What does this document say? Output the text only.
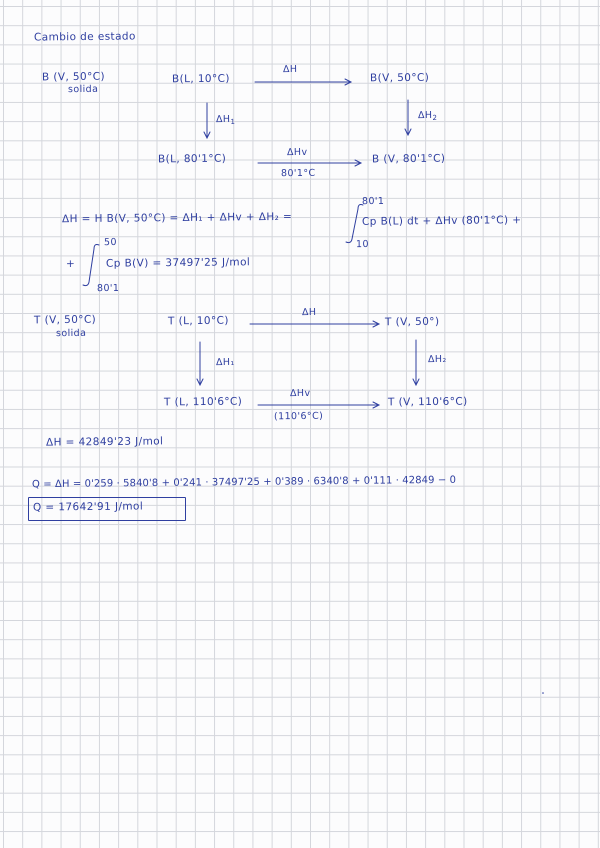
Cambio de estado
B (V, 50°C)
solida
B(L, 10°C)
ΔH
B(V, 50°C)
$\Delta H_1$
$\Delta H_2$
B(L, 80'1°C)
ΔHv
80'1°C
B (V, 80'1°C)
ΔH = H B(V, 50°C) = ΔH₁ + ΔHv + ΔH₂ =
80'1
10
Cp B(L) dt + ΔHv (80'1°C) +
+
50
80'1
Cp B(V) = 37497'25 J/mol
T (V, 50°C)
solida
T (L, 10°C)
ΔH
T (V, 50°)
ΔH₁	ΔH₂
T (L, 110'6°C)
ΔHv
(110'6°C)
T (V, 110'6°C)
ΔH = 42849'23 J/mol
Q = ΔH = 0'259 · 5840'8 + 0'241 · 37497'25 + 0'389 · 6340'8 + 0'111 · 42849 − 0
Q = 17642'91 J/mol
